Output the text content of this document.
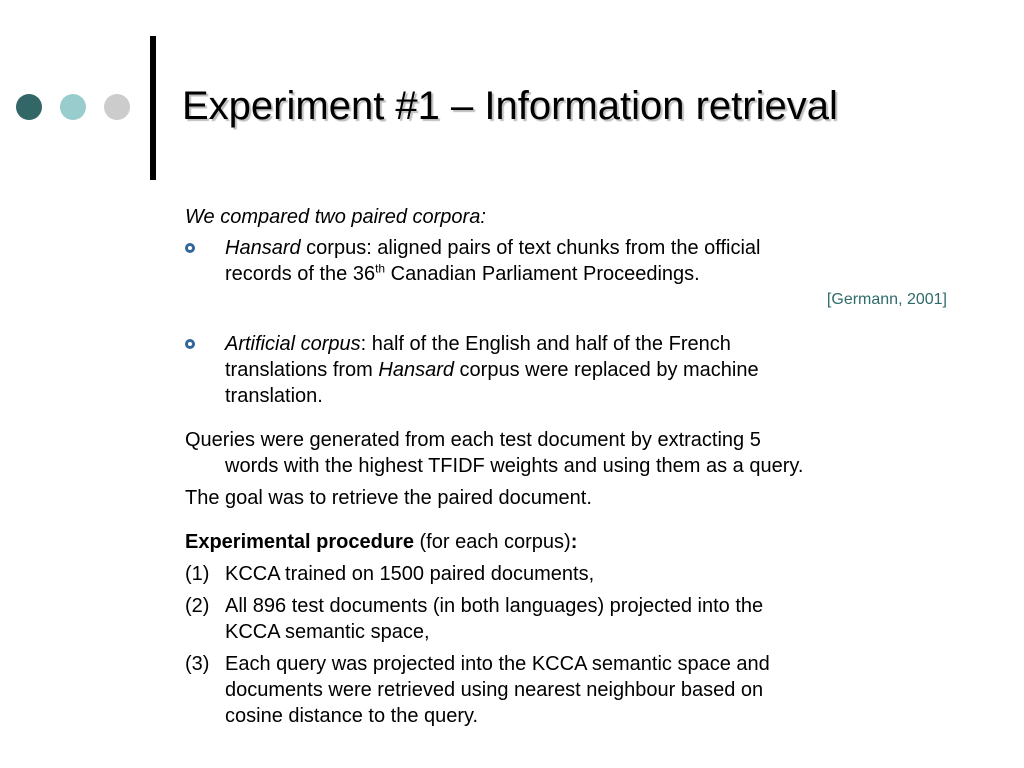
Experiment #1 – Information retrieval
We compared two paired corpora:
Hansard corpus: aligned pairs of text chunks from the official
records of the 36th Canadian Parliament Proceedings.
[Germann, 2001]
Artificial corpus: half of the English and half of the French
translations from Hansard corpus were replaced by machine
translation.
Queries were generated from each test document by extracting 5
words with the highest TFIDF weights and using them as a query.
The goal was to retrieve the paired document.
Experimental procedure (for each corpus):
(1) KCCA trained on 1500 paired documents,
(2) All 896 test documents (in both languages) projected into the
KCCA semantic space,
(3) Each query was projected into the KCCA semantic space and
documents were retrieved using nearest neighbour based on
cosine distance to the query.
